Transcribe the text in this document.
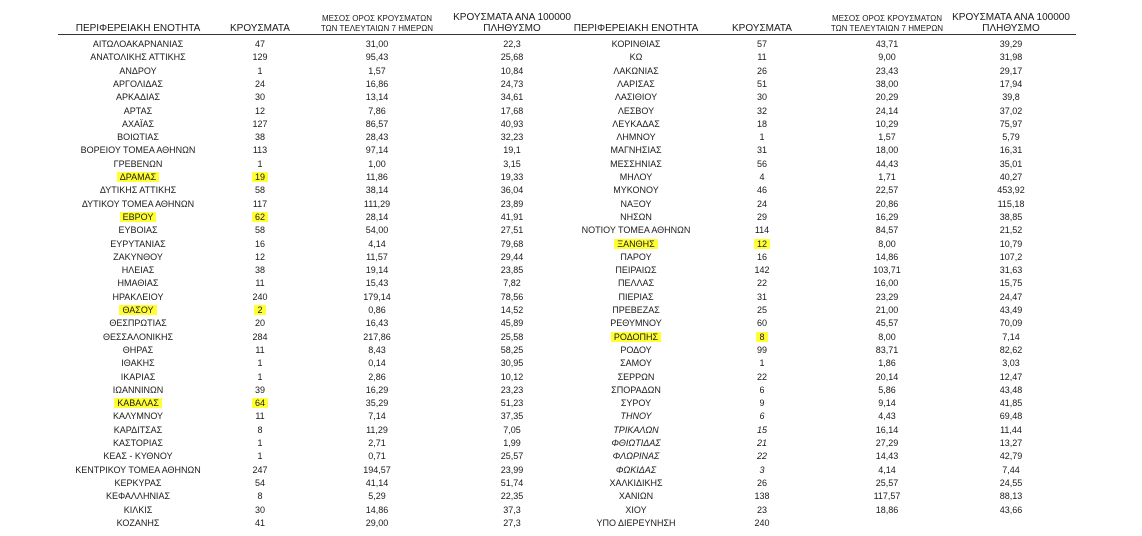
ΠΕΡΙΦΕΡΕΙΑΚΗ ΕΝΟΤΗΤΑ	ΚΡΟΥΣΜΑΤΑ
ΜΕΣΟΣ ΟΡΟΣ ΚΡΟΥΣΜΑΤΩΝ
ΤΩΝ ΤΕΛΕΥΤΑΙΩΝ 7 ΗΜΕΡΩΝ
ΚΡΟΥΣΜΑΤΑ ΑΝΑ 100000
ΠΛΗΘΥΣΜΟ	ΠΕΡΙΦΕΡΕΙΑΚΗ ΕΝΟΤΗΤΑ	ΚΡΟΥΣΜΑΤΑ
ΜΕΣΟΣ ΟΡΟΣ ΚΡΟΥΣΜΑΤΩΝ
ΤΩΝ ΤΕΛΕΥΤΑΙΩΝ 7 ΗΜΕΡΩΝ
ΚΡΟΥΣΜΑΤΑ ΑΝΑ 100000
ΠΛΗΘΥΣΜΟ
ΑΙΤΩΛΟΑΚΑΡΝΑΝΙΑΣ	47	31,00	22,3
ΑΝΑΤΟΛΙΚΗΣ ΑΤΤΙΚΗΣ	129	95,43	25,68
ΑΝΔΡΟΥ	1	1,57	10,84
ΑΡΓΟΛΙΔΑΣ	24	16,86	24,73
ΑΡΚΑΔΙΑΣ	30	13,14	34,61
ΑΡΤΑΣ	12	7,86	17,68
ΑΧΑΪΑΣ	127	86,57	40,93
ΒΟΙΩΤΙΑΣ	38	28,43	32,23
ΒΟΡΕΙΟΥ ΤΟΜΕΑ ΑΘΗΝΩΝ	113	97,14	19,1
ΓΡΕΒΕΝΩΝ	1	1,00	3,15
ΔΡΑΜΑΣ	19	11,86	19,33
ΔΥΤΙΚΗΣ ΑΤΤΙΚΗΣ	58	38,14	36,04
ΔΥΤΙΚΟΥ ΤΟΜΕΑ ΑΘΗΝΩΝ	117	111,29	23,89
ΕΒΡΟΥ	62	28,14	41,91
ΕΥΒΟΙΑΣ	58	54,00	27,51
ΕΥΡΥΤΑΝΙΑΣ	16	4,14	79,68
ΖΑΚΥΝΘΟΥ	12	11,57	29,44
ΗΛΕΙΑΣ	38	19,14	23,85
ΗΜΑΘΙΑΣ	11	15,43	7,82
ΗΡΑΚΛΕΙΟΥ	240	179,14	78,56
ΘΑΣΟΥ	2	0,86	14,52
ΘΕΣΠΡΩΤΙΑΣ	20	16,43	45,89
ΘΕΣΣΑΛΟΝΙΚΗΣ	284	217,86	25,58
ΘΗΡΑΣ	11	8,43	58,25
ΙΘΑΚΗΣ	1	0,14	30,95
ΙΚΑΡΙΑΣ	1	2,86	10,12
ΙΩΑΝΝΙΝΩΝ	39	16,29	23,23
ΚΑΒΑΛΑΣ	64	35,29	51,23
ΚΑΛΥΜΝΟΥ	11	7,14	37,35
ΚΑΡΔΙΤΣΑΣ	8	11,29	7,05
ΚΑΣΤΟΡΙΑΣ	1	2,71	1,99
ΚΕΑΣ - ΚΥΘΝΟΥ	1	0,71	25,57
ΚΕΝΤΡΙΚΟΥ ΤΟΜΕΑ ΑΘΗΝΩΝ	247	194,57	23,99
ΚΕΡΚΥΡΑΣ	54	41,14	51,74
ΚΕΦΑΛΛΗΝΙΑΣ	8	5,29	22,35
ΚΙΛΚΙΣ	30	14,86	37,3
ΚΟΖΑΝΗΣ	41	29,00	27,3
ΚΟΡΙΝΘΙΑΣ	57	43,71	39,29
ΚΩ	11	9,00	31,98
ΛΑΚΩΝΙΑΣ	26	23,43	29,17
ΛΑΡΙΣΑΣ	51	38,00	17,94
ΛΑΣΙΘΙΟΥ	30	20,29	39,8
ΛΕΣΒΟΥ	32	24,14	37,02
ΛΕΥΚΑΔΑΣ	18	10,29	75,97
ΛΗΜΝΟΥ	1	1,57	5,79
ΜΑΓΝΗΣΙΑΣ	31	18,00	16,31
ΜΕΣΣΗΝΙΑΣ	56	44,43	35,01
ΜΗΛΟΥ	4	1,71	40,27
ΜΥΚΟΝΟΥ	46	22,57	453,92
ΝΑΞΟΥ	24	20,86	115,18
ΝΗΣΩΝ	29	16,29	38,85
ΝΟΤΙΟΥ ΤΟΜΕΑ ΑΘΗΝΩΝ	114	84,57	21,52
ΞΑΝΘΗΣ	12	8,00	10,79
ΠΑΡΟΥ	16	14,86	107,2
ΠΕΙΡΑΙΩΣ	142	103,71	31,63
ΠΕΛΛΑΣ	22	16,00	15,75
ΠΙΕΡΙΑΣ	31	23,29	24,47
ΠΡΕΒΕΖΑΣ	25	21,00	43,49
ΡΕΘΥΜΝΟΥ	60	45,57	70,09
ΡΟΔΟΠΗΣ	8	8,00	7,14
ΡΟΔΟΥ	99	83,71	82,62
ΣΑΜΟΥ	1	1,86	3,03
ΣΕΡΡΩΝ	22	20,14	12,47
ΣΠΟΡΑΔΩΝ	6	5,86	43,48
ΣΥΡΟΥ	9	9,14	41,85
ΤΗΝΟΥ	6	4,43	69,48
ΤΡΙΚΑΛΩΝ	15	16,14	11,44
ΦΘΙΩΤΙΔΑΣ	21	27,29	13,27
ΦΛΩΡΙΝΑΣ	22	14,43	42,79
ΦΩΚΙΔΑΣ	3	4,14	7,44
ΧΑΛΚΙΔΙΚΗΣ	26	25,57	24,55
ΧΑΝΙΩΝ	138	117,57	88,13
ΧΙΟΥ	23	18,86	43,66
ΥΠΟ ΔΙΕΡΕΥΝΗΣΗ	240
